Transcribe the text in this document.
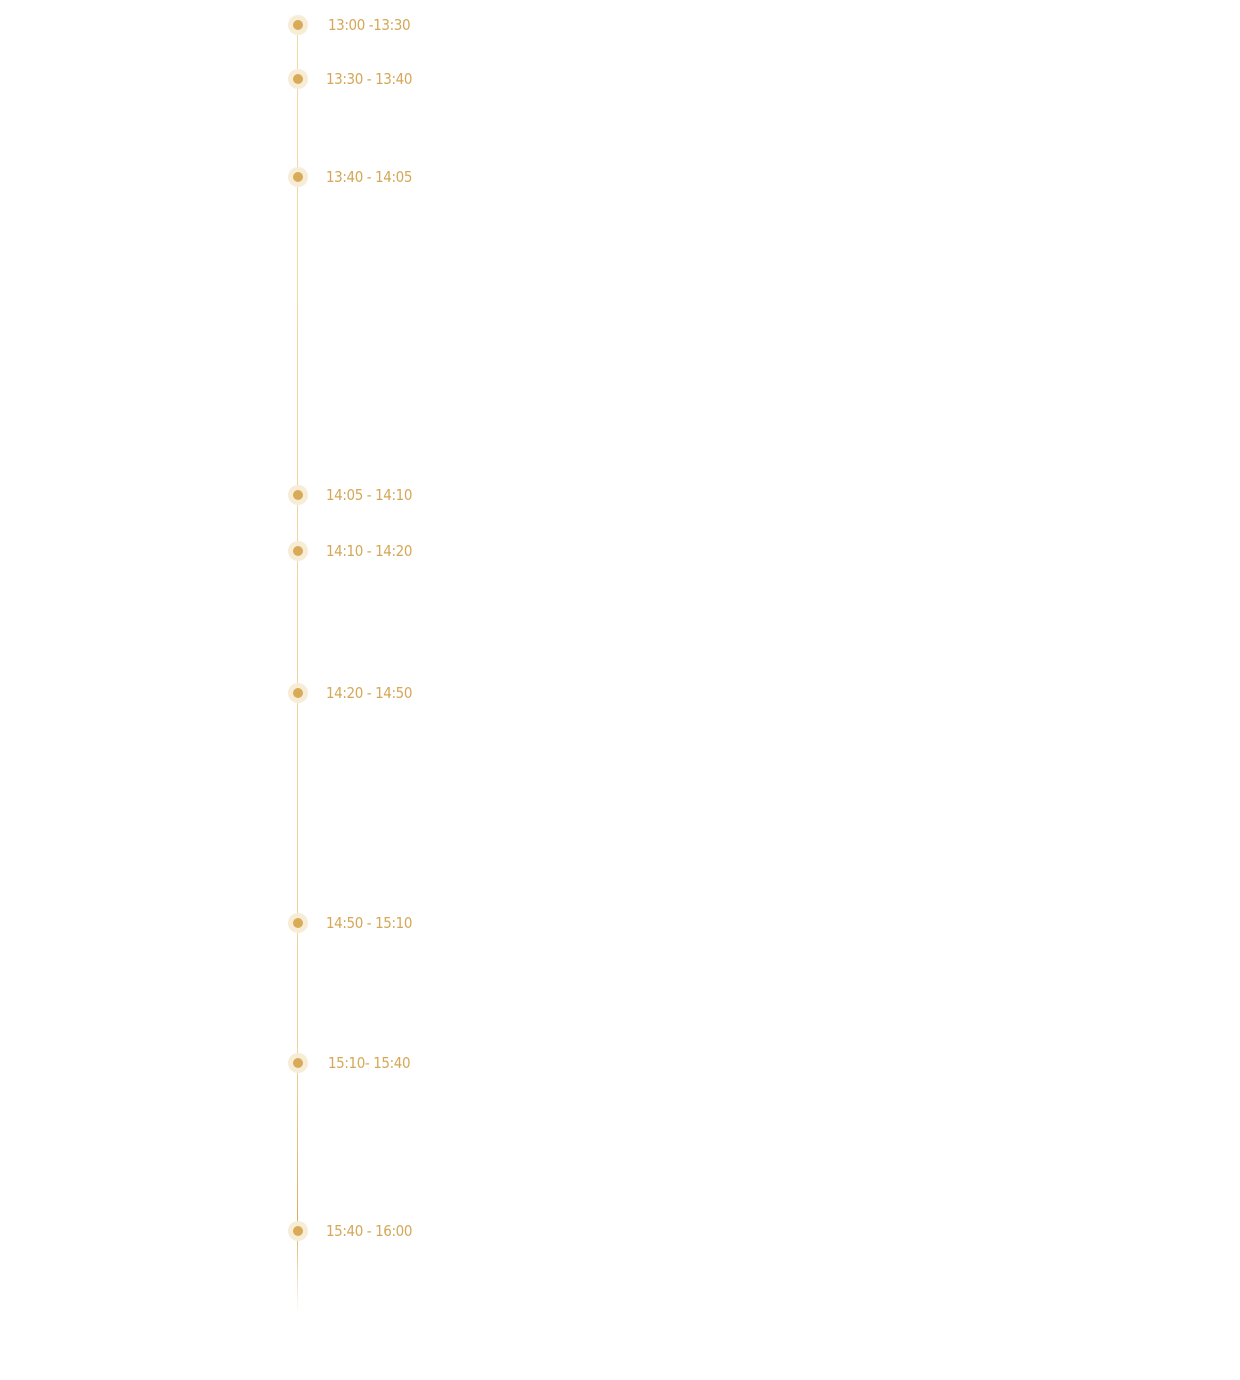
13:00 -13:30
13:30 - 13:40
13:40 - 14:05
14:05 - 14:10
14:10 - 14:20
14:20 - 14:50
14:50 - 15:10
15:10- 15:40
15:40 - 16:00
